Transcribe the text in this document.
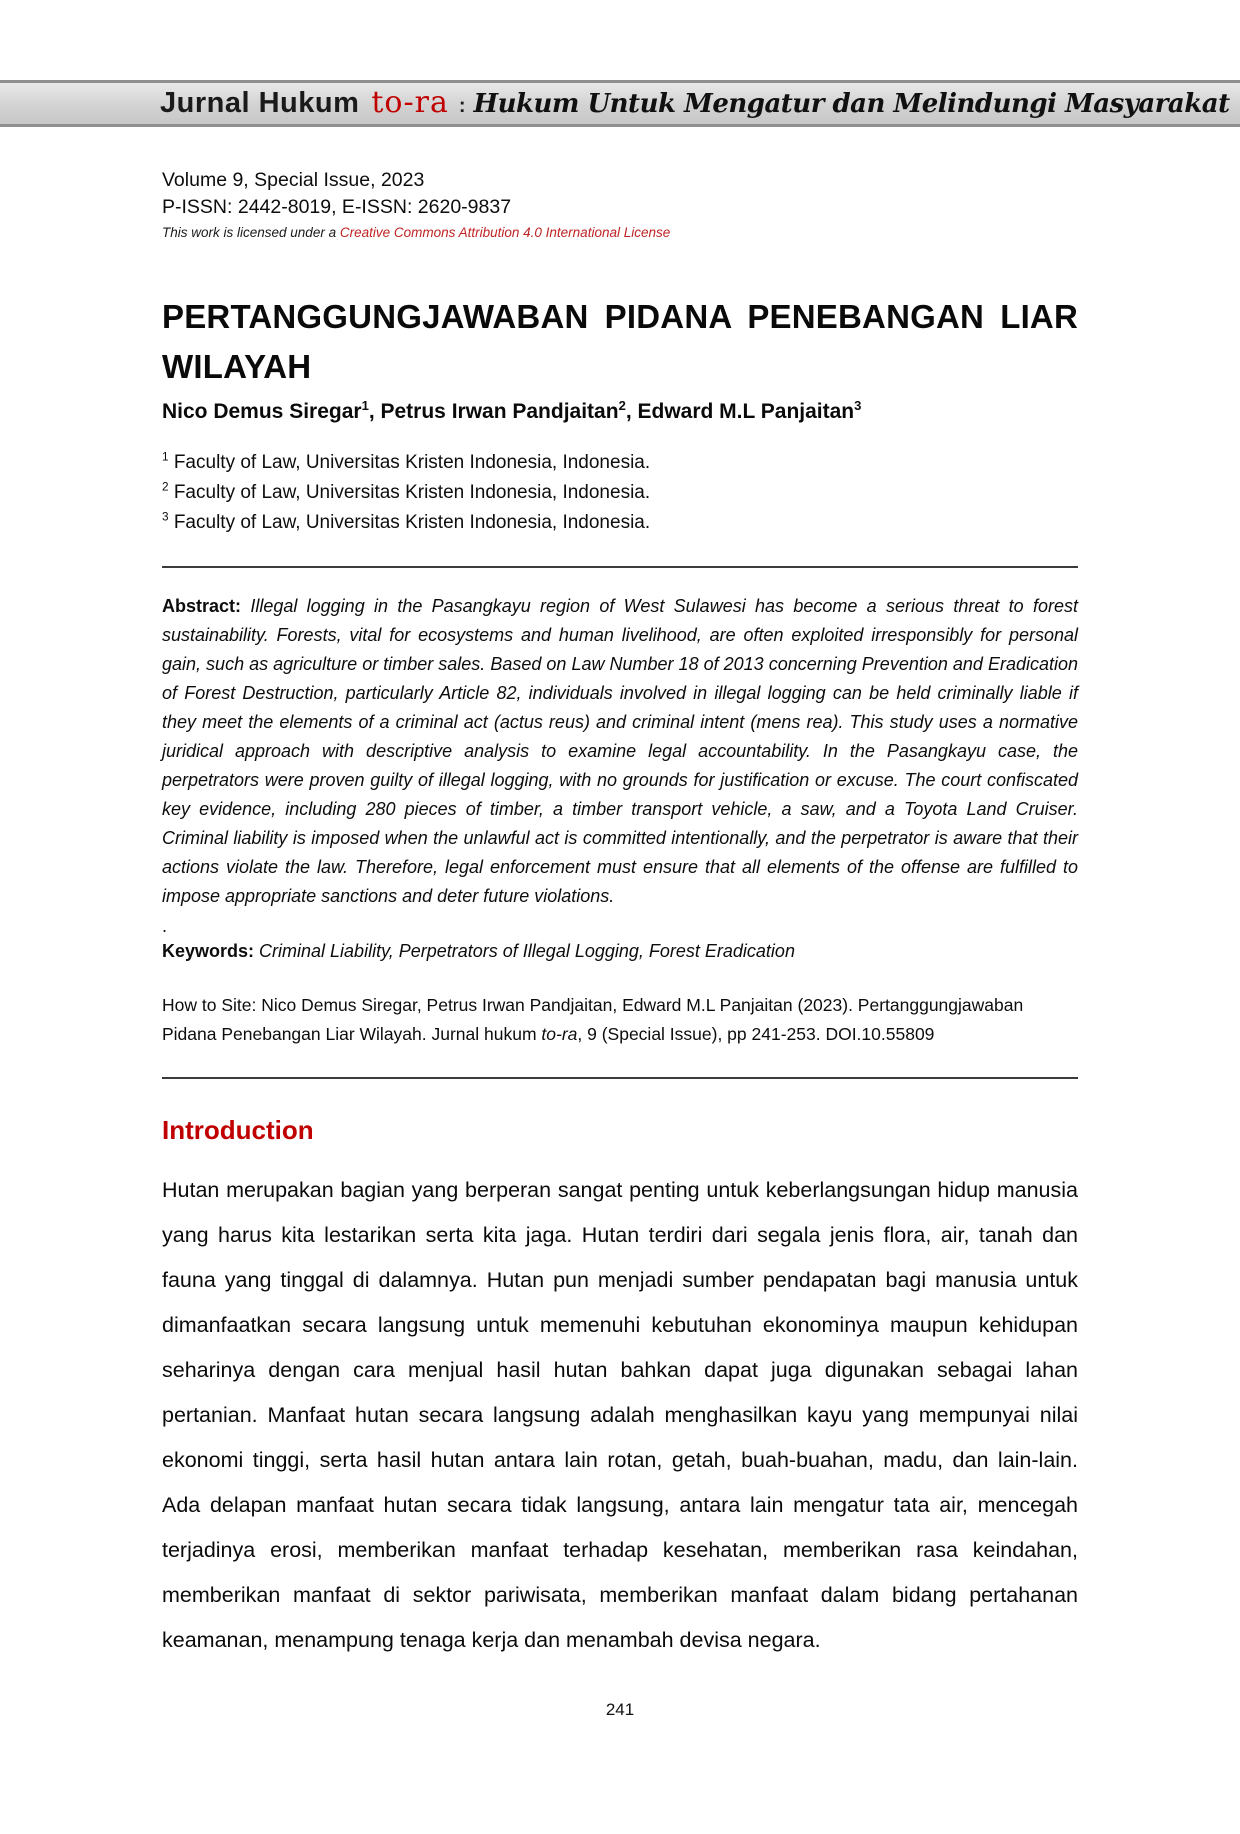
Jurnal Hukum to-ra : Hukum Untuk Mengatur dan Melindungi Masyarakat
Volume 9, Special Issue, 2023
P-ISSN: 2442-8019, E-ISSN: 2620-9837
This work is licensed under a Creative Commons Attribution 4.0 International License
PERTANGGUNGJAWABAN PIDANA PENEBANGAN LIAR WILAYAH
Nico Demus Siregar$^1$, Petrus Irwan Pandjaitan$^2$, Edward M.L Panjaitan$^3$
$^1$ Faculty of Law, Universitas Kristen Indonesia, Indonesia.
$^2$ Faculty of Law, Universitas Kristen Indonesia, Indonesia.
$^3$ Faculty of Law, Universitas Kristen Indonesia, Indonesia.

Abstract: Illegal logging in the Pasangkayu region of West Sulawesi has become a serious threat to forest sustainability. Forests, vital for ecosystems and human livelihood, are often exploited irresponsibly for personal gain, such as agriculture or timber sales. Based on Law Number 18 of 2013 concerning Prevention and Eradication of Forest Destruction, particularly Article 82, individuals involved in illegal logging can be held criminally liable if they meet the elements of a criminal act (actus reus) and criminal intent (mens rea). This study uses a normative juridical approach with descriptive analysis to examine legal accountability. In the Pasangkayu case, the perpetrators were proven guilty of illegal logging, with no grounds for justification or excuse. The court confiscated key evidence, including 280 pieces of timber, a timber transport vehicle, a saw, and a Toyota Land Cruiser. Criminal liability is imposed when the unlawful act is committed intentionally, and the perpetrator is aware that their actions violate the law. Therefore, legal enforcement must ensure that all elements of the offense are fulfilled to impose appropriate sanctions and deter future violations.

.

Keywords: Criminal Liability, Perpetrators of Illegal Logging, Forest Eradication

How to Site: Nico Demus Siregar, Petrus Irwan Pandjaitan, Edward M.L Panjaitan (2023). Pertanggungjawaban Pidana Penebangan Liar Wilayah. Jurnal hukum to-ra, 9 (Special Issue), pp 241-253. DOI.10.55809

Introduction

Hutan merupakan bagian yang berperan sangat penting untuk keberlangsungan hidup manusia yang harus kita lestarikan serta kita jaga. Hutan terdiri dari segala jenis flora, air, tanah dan fauna yang tinggal di dalamnya. Hutan pun menjadi sumber pendapatan bagi manusia untuk dimanfaatkan secara langsung untuk memenuhi kebutuhan ekonominya maupun kehidupan seharinya dengan cara menjual hasil hutan bahkan dapat juga digunakan sebagai lahan pertanian. Manfaat hutan secara langsung adalah menghasilkan kayu yang mempunyai nilai ekonomi tinggi, serta hasil hutan antara lain rotan, getah, buah-buahan, madu, dan lain-lain. Ada delapan manfaat hutan secara tidak langsung, antara lain mengatur tata air, mencegah terjadinya erosi, memberikan manfaat terhadap kesehatan, memberikan rasa keindahan, memberikan manfaat di sektor pariwisata, memberikan manfaat dalam bidang pertahanan keamanan, menampung tenaga kerja dan menambah devisa negara.

241
